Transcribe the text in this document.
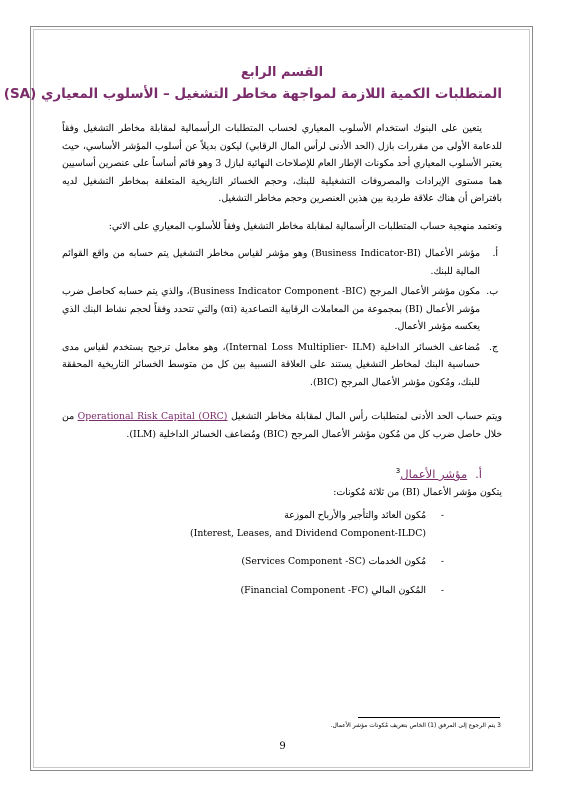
القسم الرابع
المتطلبات الكمية اللازمة لمواجهة مخاطر التشغيل – الأسلوب المعياري (SA)

يتعين على البنوك استخدام الأسلوب المعياري لحساب المتطلبات الرأسمالية لمقابلة مخاطر التشغيل وفقاً للدعامة الأولى من مقررات بازل (الحد الأدنى لرأس المال الرقابي) ليكون بديلاً عن أسلوب المؤشر الأساسي، حيث يعتبر الأسلوب المعياري أحد مكونات الإطار العام للإصلاحات النهائية لبازل 3 وهو قائم أساساً على عنصرين أساسيين هما مستوى الإيرادات والمصروفات التشغيلية للبنك، وحجم الخسائر التاريخية المتعلقة بمخاطر التشغيل لديه بافتراض أن هناك علاقة طردية بين هذين العنصرين وحجم مخاطر التشغيل.

وتعتمد منهجية حساب المتطلبات الرأسمالية لمقابلة مخاطر التشغيل وفقاً للأسلوب المعياري على الاتي:

أ.

مؤشر الأعمال (Business Indicator-BI) وهو مؤشر لقياس مخاطر التشغيل يتم حسابه من واقع القوائم المالية للبنك.

ب.

مكون مؤشر الأعمال المرجح (Business Indicator Component -BIC)، والذي يتم حسابه كحاصل ضرب مؤشر الأعمال (BI) بمجموعة من المعاملات الرقابية التصاعدية (αi) والتي تتحدد وفقاً لحجم نشاط البنك الذي يعكسه مؤشر الأعمال.

ج.

مُضاعف الخسائر الداخلية (Internal Loss Multiplier- ILM)، وهو معامل ترجيح يستخدم لقياس مدى حساسية البنك لمخاطر التشغيل يستند على العلاقة النسبية بين كل من متوسط الخسائر التاريخية المحققة للبنك، ومُكون مؤشر الأعمال المرجح (BIC).

ويتم حساب الحد الأدنى لمتطلبات رأس المال لمقابلة مخاطر التشغيل Operational Risk Capital (ORC) من خلال حاصل ضرب كل من مُكون مؤشر الأعمال المرجح (BIC) ومُضاعف الخسائر الداخلية (ILM).

أ.مؤشر الأعمال$^3$

يتكون مؤشر الأعمال (BI) من ثلاثة مُكونات:

-
مُكون العائد والتأجير والأرباح الموزعة
(Interest, Leases, and Dividend Component-ILDC)
-
مُكون الخدمات (Services Component -SC)
-
المُكون المالي (Financial Component -FC)
3 يتم الرجوع إلى المرفق (1) الخاص بتعريف مُكونات مؤشر الأعمال.
9
